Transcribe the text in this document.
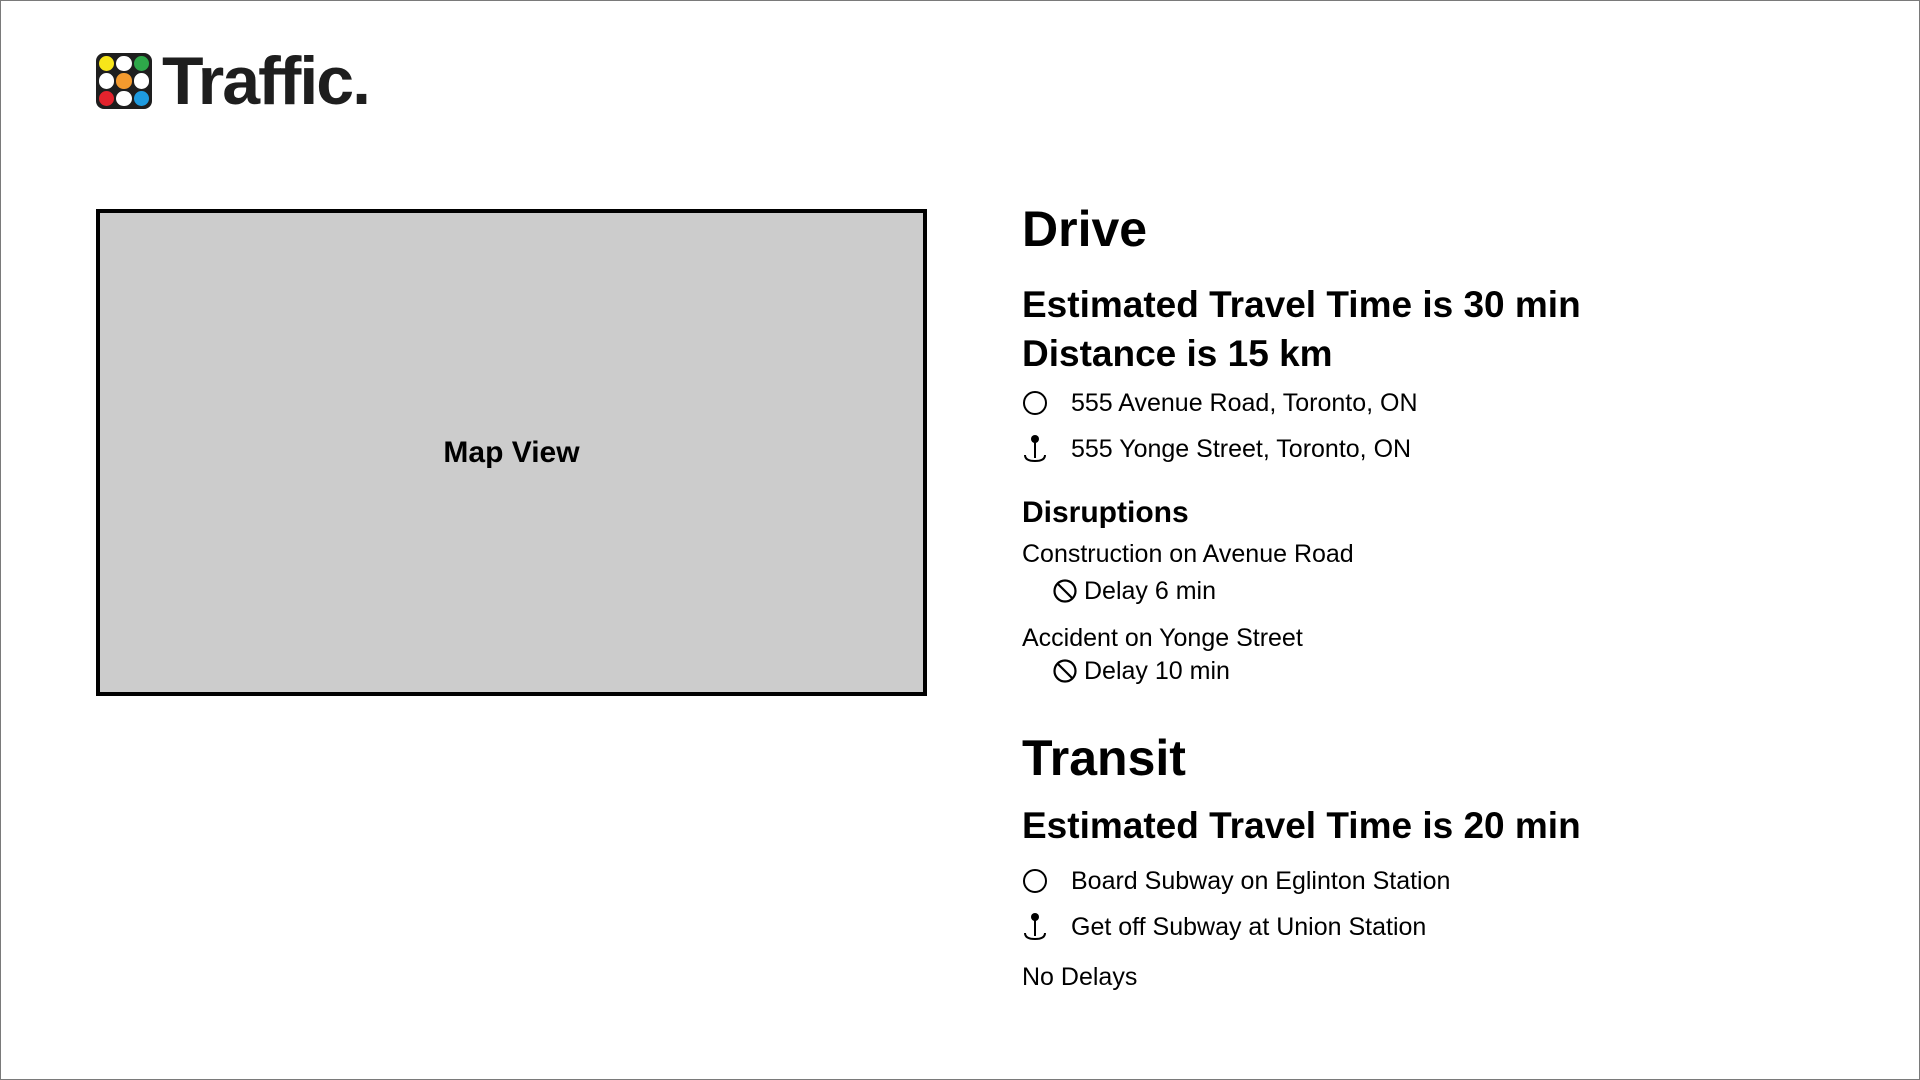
Traffic.
Map View
Drive
Estimated Travel Time is 30 min
Distance is 15 km
555 Avenue Road, Toronto, ON
555 Yonge Street, Toronto, ON
Disruptions
Construction on Avenue Road
Delay 6 min
Accident on Yonge Street
Delay 10 min
Transit
Estimated Travel Time is 20 min
Board Subway on Eglinton Station
Get off Subway at Union Station
No Delays
